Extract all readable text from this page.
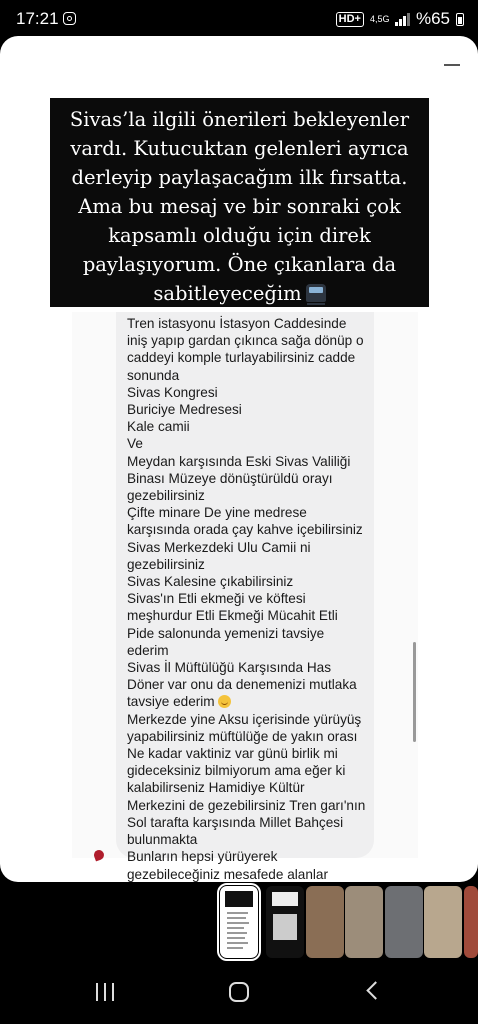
17:21	HD+	4,5G %65
Sivas’la ilgili önerileri bekleyenler
vardı. Kutucuktan gelenleri ayrıca
derleyip paylaşacağım ilk fırsatta.
Ama bu mesaj ve bir sonraki çok
kapsamlı olduğu için direk
paylaşıyorum. Öne çıkanlara da
sabitleyeceğim

Tren istasyonu İstasyon Caddesinde iniş yapıp gardan çıkınca sağa dönüp o caddeyi komple turlayabilirsiniz cadde sonunda

Sivas Kongresi

Buriciye Medresesi

Kale camii

Ve

Meydan karşısında Eski Sivas Valiliği Binası Müzeye dönüştürüldü orayı gezebilirsiniz

Çifte minare De yine medrese karşısında orada çay kahve içebilirsiniz

Sivas Merkezdeki Ulu Camii ni gezebilirsiniz

Sivas Kalesine çıkabilirsiniz

Sivas'ın Etli ekmeği ve köftesi meşhurdur Etli Ekmeği Mücahit Etli Pide salonunda yemenizi tavsiye ederim

Sivas İl Müftülüğü Karşısında Has Döner var onu da denemenizi mutlaka tavsiye ederim

Merkezde yine Aksu içerisinde yürüyüş yapabilirsiniz müftülüğe de yakın orası

Ne kadar vaktiniz var günü birlik mi gideceksiniz bilmiyorum ama eğer ki kalabilirseniz Hamidiye Kültür Merkezini de gezebilirsiniz Tren garı'nın Sol tarafta karşısında Millet Bahçesi bulunmakta

Bunların hepsi yürüyerek gezebileceğiniz mesafede alanlar
